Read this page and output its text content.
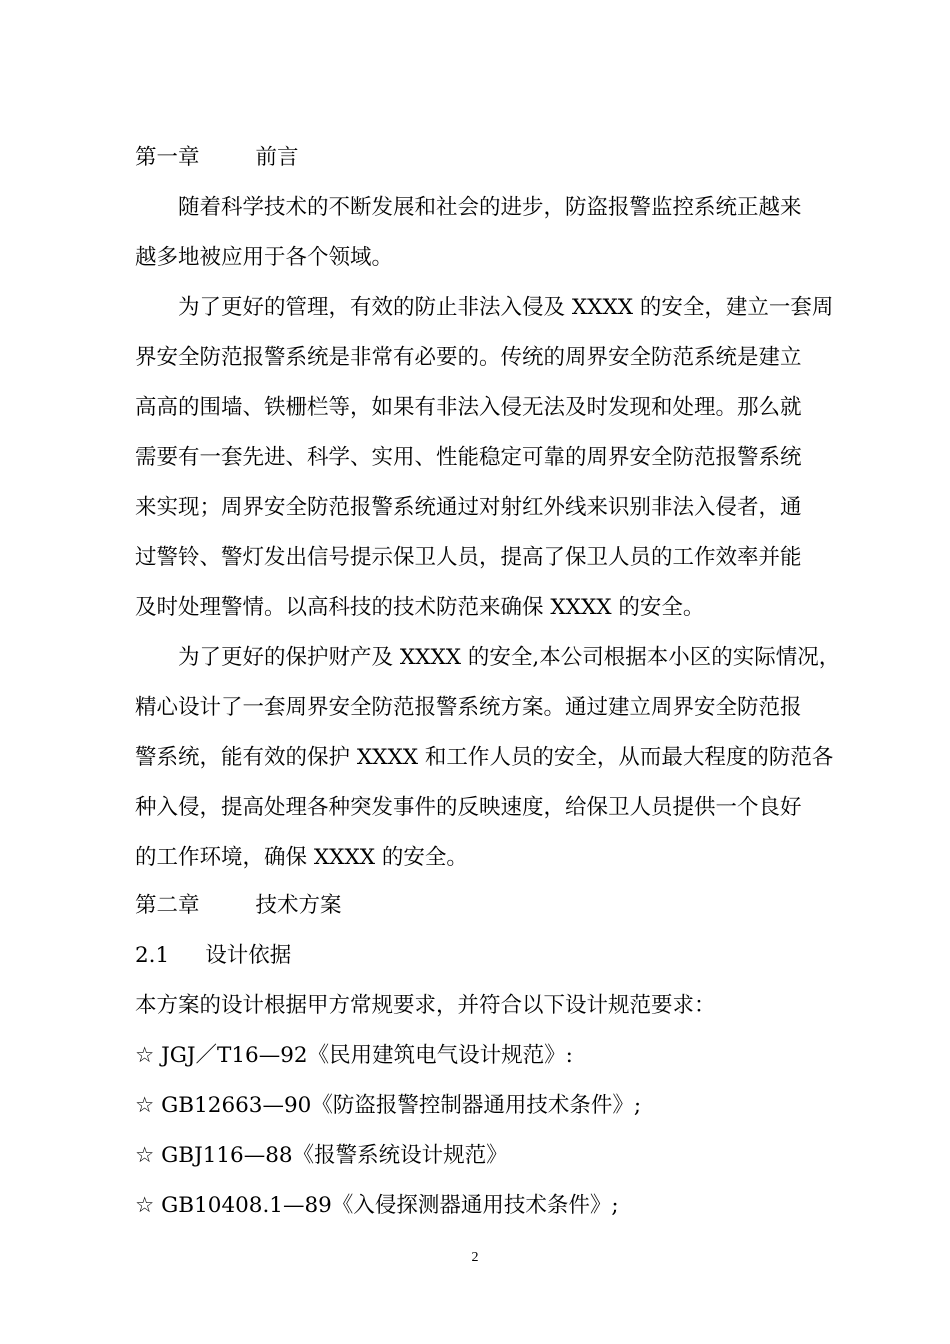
第一章	前言
随着科学技术的不断发展和社会的进步，防盗报警监控系统正越来
越多地被应用于各个领域。
为了更好的管理，有效的防止非法入侵及 XXXX 的安全，建立一套周
界安全防范报警系统是非常有必要的。传统的周界安全防范系统是建立
高高的围墙、铁栅栏等，如果有非法入侵无法及时发现和处理。那么就
需要有一套先进、科学、实用、性能稳定可靠的周界安全防范报警系统
来实现；周界安全防范报警系统通过对射红外线来识别非法入侵者，通
过警铃、警灯发出信号提示保卫人员，提高了保卫人员的工作效率并能
及时处理警情。以高科技的技术防范来确保 XXXX 的安全。
为了更好的保护财产及 XXXX 的安全,本公司根据本小区的实际情况，
精心设计了一套周界安全防范报警系统方案。通过建立周界安全防范报
警系统，能有效的保护 XXXX 和工作人员的安全，从而最大程度的防范各
种入侵，提高处理各种突发事件的反映速度，给保卫人员提供一个良好
的工作环境，确保 XXXX 的安全。
第二章	技术方案
2.1 设计依据
本方案的设计根据甲方常规要求，并符合以下设计规范要求：
☆ JGJ／T16—92《民用建筑电气设计规范》:
☆ GB12663—90《防盗报警控制器通用技术条件》;
☆ GBJ116—88《报警系统设计规范》
☆ GB10408.1—89《入侵探测器通用技术条件》;
2
